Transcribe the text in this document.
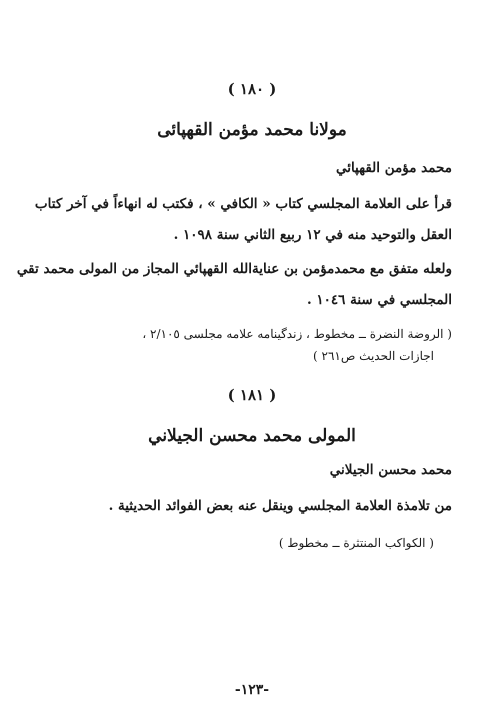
( ١٨٠ )
مولانا محمد مؤمن القهپائی
محمد مؤمن القهپائي
قرأ على العلامة المجلسي كتاب « الكافي » ، فكتب له انهاءاً في آخر كتاب
العقل والتوحيد منه في ١٢ ربيع الثاني سنة ١٠٩٨ .
ولعله متفق مع محمدمؤمن بن عنايةالله القهپائي المجاز من المولى محمد تقي
المجلسي في سنة ١٠٤٦ .
( الروضة النضرة ــ مخطوط ، زندگينامه علامه مجلسى ٢/١٠٥ ،
اجازات الحديث ص٢٦١ )
( ١٨١ )
المولى محمد محسن الجيلاني
محمد محسن الجيلاني
من تلامذة العلامة المجلسي وينقل عنه بعض الفوائد الحديثية .
( الكواكب المنتثرة ــ مخطوط )
-١٢٣-
